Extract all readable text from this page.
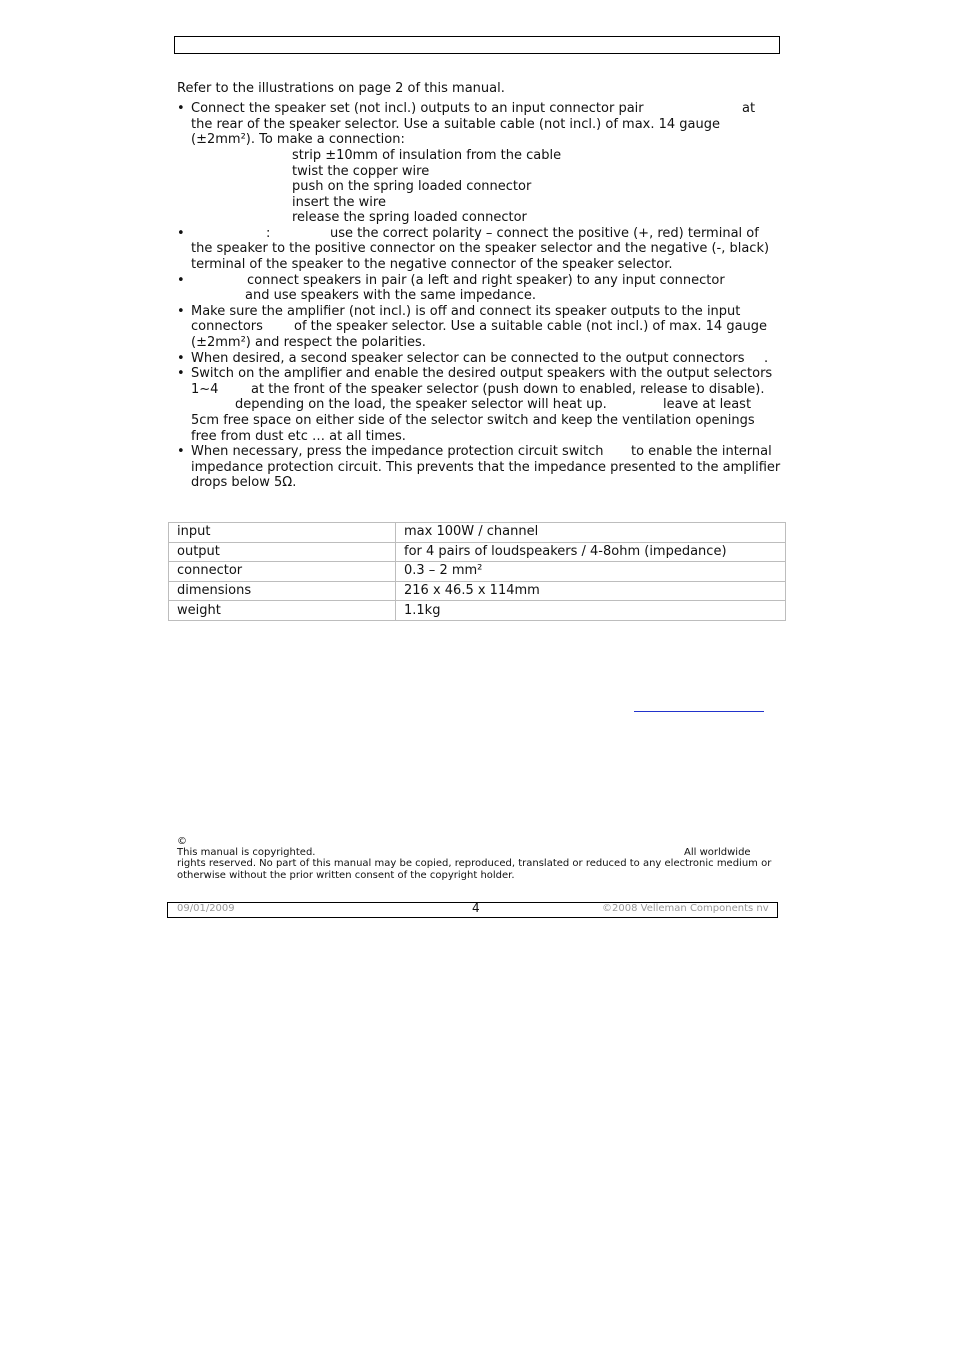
Refer to the illustrations on page 2 of this manual.
• Connect the speaker set (not incl.) outputs to an input connector pair	at
the rear of the speaker selector. Use a suitable cable (not incl.) of max. 14 gauge
(±2mm²). To make a connection:
strip ±10mm of insulation from the cable
twist the copper wire
push on the spring loaded connector
insert the wire
release the spring loaded connector
•	:	use the correct polarity – connect the positive (+, red) terminal of
the speaker to the positive connector on the speaker selector and the negative (-, black)
terminal of the speaker to the negative connector of the speaker selector.
•	connect speakers in pair (a left and right speaker) to any input connector
and use speakers with the same impedance.
• Make sure the amplifier (not incl.) is off and connect its speaker outputs to the input
connectors of the speaker selector. Use a suitable cable (not incl.) of max. 14 gauge
(±2mm²) and respect the polarities.
• When desired, a second speaker selector can be connected to the output connectors .
• Switch on the amplifier and enable the desired output speakers with the output selectors
1~4	at the front of the speaker selector (push down to enabled, release to disable).
depending on the load, the speaker selector will heat up.	leave at least
5cm free space on either side of the selector switch and keep the ventilation openings
free from dust etc … at all times.
• When necessary, press the impedance protection circuit switch to enable the internal
impedance protection circuit. This prevents that the impedance presented to the amplifier
drops below 5Ω.
input	max 100W / channel
output	for 4 pairs of loudspeakers / 4-8ohm (impedance)
connector	0.3 – 2 mm²
dimensions	216 x 46.5 x 114mm
weight	1.1kg
©
This manual is copyrighted.	All worldwide
rights reserved. No part of this manual may be copied, reproduced, translated or reduced to any electronic medium or
otherwise without the prior written consent of the copyright holder.
09/01/2009	4	©2008 Velleman Components nv
